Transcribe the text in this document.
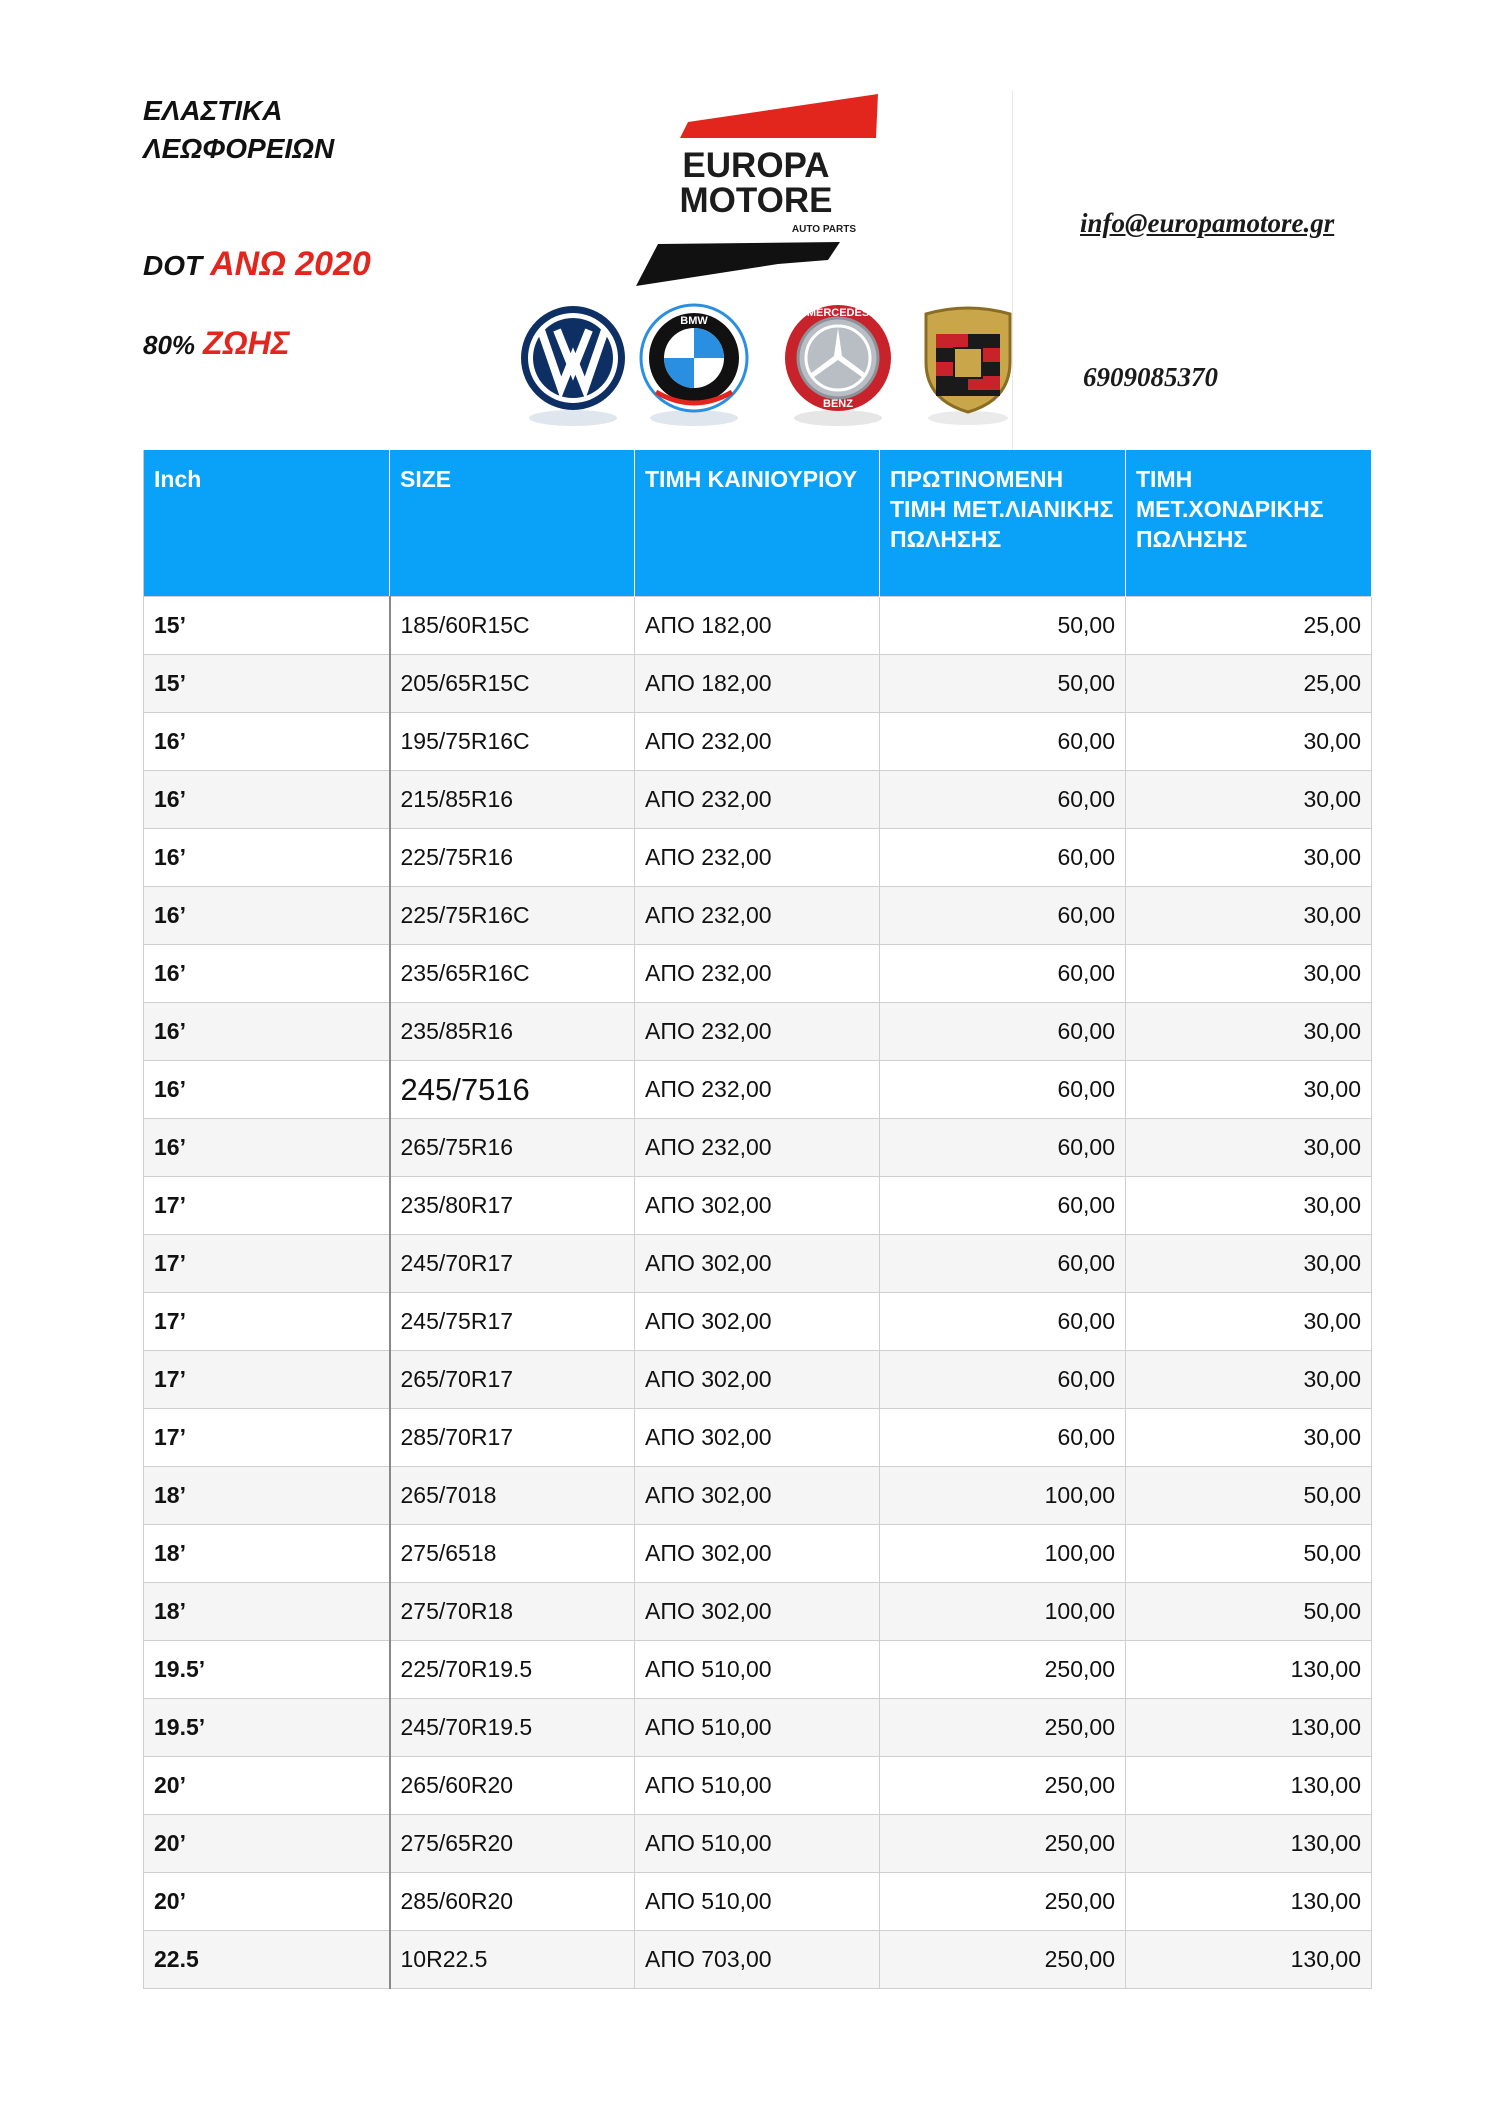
ΕΛΑΣΤΙΚΑ
ΛΕΩΦΟΡΕΙΩΝ
DOT ΑΝΩ 2020
80% ΖΩΗΣ
info@europamotore.gr
6909085370
EUROPA
MOTORE
AUTO PARTS
BMW
MERCEDES
BENZ
Inch	SIZE	ΤΙΜΗ ΚΑΙΝΙΟΥΡΙΟΥ	ΠΡΩΤΙΝΟΜΕΝΗ ΤΙΜΗ ΜΕΤ.ΛΙΑΝΙΚΗΣ ΠΩΛΗΣΗΣ	ΤΙΜΗ ΜΕΤ.ΧΟΝΔΡΙΚΗΣ ΠΩΛΗΣΗΣ
15’	185/60R15C	ΑΠΟ 182,00	50,00	25,00
15’	205/65R15C	ΑΠΟ 182,00	50,00	25,00
16’	195/75R16C	ΑΠΟ 232,00	60,00	30,00
16’	215/85R16	ΑΠΟ 232,00	60,00	30,00
16’	225/75R16	ΑΠΟ 232,00	60,00	30,00
16’	225/75R16C	ΑΠΟ 232,00	60,00	30,00
16’	235/65R16C	ΑΠΟ 232,00	60,00	30,00
16’	235/85R16	ΑΠΟ 232,00	60,00	30,00
16’	245/7516	ΑΠΟ 232,00	60,00	30,00
16’	265/75R16	ΑΠΟ 232,00	60,00	30,00
17’	235/80R17	ΑΠΟ 302,00	60,00	30,00
17’	245/70R17	ΑΠΟ 302,00	60,00	30,00
17’	245/75R17	ΑΠΟ 302,00	60,00	30,00
17’	265/70R17	ΑΠΟ 302,00	60,00	30,00
17’	285/70R17	ΑΠΟ 302,00	60,00	30,00
18’	265/7018	ΑΠΟ 302,00	100,00	50,00
18’	275/6518	ΑΠΟ 302,00	100,00	50,00
18’	275/70R18	ΑΠΟ 302,00	100,00	50,00
19.5’	225/70R19.5	ΑΠΟ 510,00	250,00	130,00
19.5’	245/70R19.5	ΑΠΟ 510,00	250,00	130,00
20’	265/60R20	ΑΠΟ 510,00	250,00	130,00
20’	275/65R20	ΑΠΟ 510,00	250,00	130,00
20’	285/60R20	ΑΠΟ 510,00	250,00	130,00
22.5	10R22.5	ΑΠΟ 703,00	250,00	130,00
